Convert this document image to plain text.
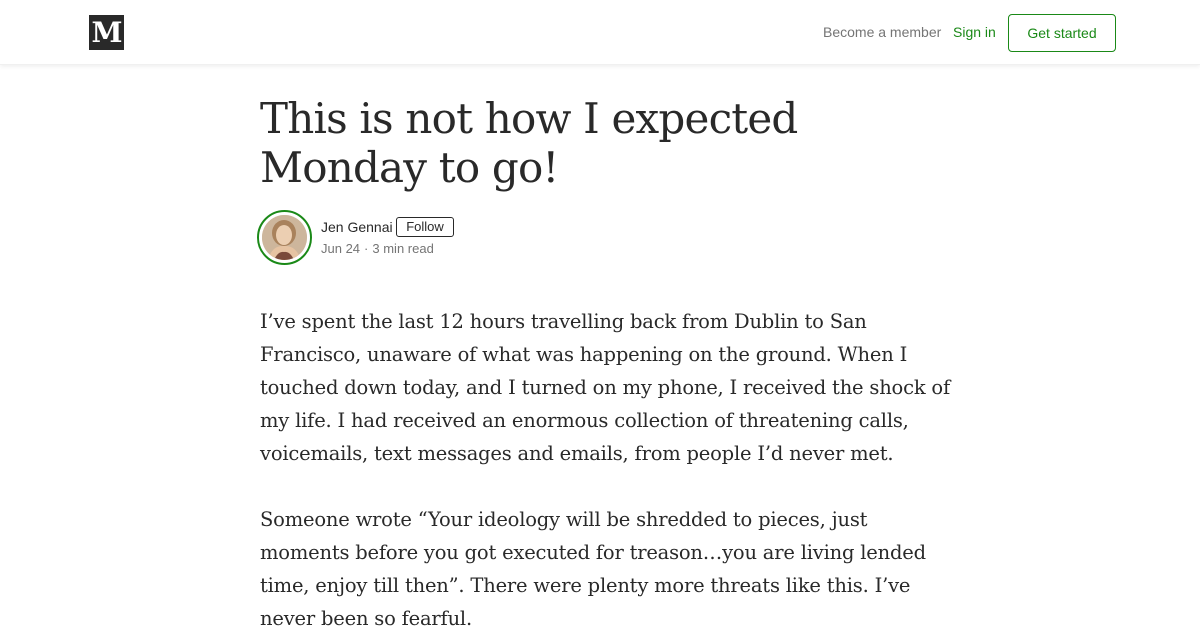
M	Become a member Sign in	Get started
This is not how I expected Monday to go!
Jen Gennai	Follow
Jun 24 · 3 min read

I’ve spent the last 12 hours travelling back from Dublin to San Francisco, unaware of what was happening on the ground. When I touched down today, and I turned on my phone, I received the shock of my life. I had received an enormous collection of threatening calls, voicemails, text messages and emails, from people I’d never met.

Someone wrote “Your ideology will be shredded to pieces, just moments before you got executed for treason…you are living lended time, enjoy till then”. There were plenty more threats like this. I’ve never been so fearful.
